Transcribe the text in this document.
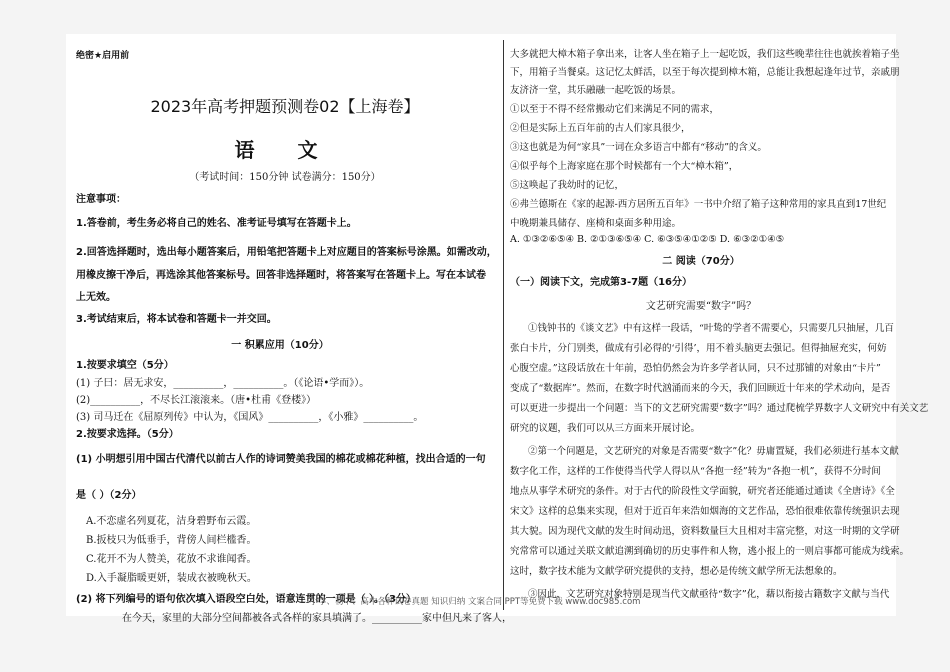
绝密★启用前
2023年高考押题预测卷02【上海卷】
语 文
（考试时间：150分钟 试卷满分：150分）
注意事项：
1.答卷前，考生务必将自己的姓名、准考证号填写在答题卡上。
2.回答选择题时，选出每小题答案后，用铅笔把答题卡上对应题目的答案标号涂黑。如需改动，
用橡皮擦干净后，再选涂其他答案标号。回答非选择题时，将答案写在答题卡上。写在本试卷
上无效。
3.考试结束后，将本试卷和答题卡一并交回。
一 积累应用（10分）
1.按要求填空（5分）
(1) 子曰：居无求安，__________，__________。（《论语•学而》）。
(2)__________，不尽长江滚滚来。（唐•杜甫《登楼》）
(3) 司马迁在《屈原列传》中认为，《国风》__________，《小雅》__________。
2.按要求选择。（5分）
(1) 小明想引用中国古代清代以前古人作的诗词赞美我国的棉花或棉花种植，找出合适的一句
是（ ）（2分）
A.不恋虚名列夏花，洁身碧野布云霞。
B.扳枝只为低垂手，背傍人间栏槛香。
C.花开不为人赞美，花放不求谁闻香。
D.入手凝脂暖更妍，装成衣被晚秋天。
(2) 将下列编号的语句依次填入语段空白处，语意连贯的一项是（ ）。（3分）
在今天，家里的大部分空间都被各式各样的家具填满了。__________家中但凡来了客人，
大多就把大樟木箱子拿出来，让客人坐在箱子上一起吃饭，我们这些晚辈往往也就挨着箱子坐
下，用箱子当餐桌。这记忆太鲜活，以至于每次提到樟木箱，总能让我想起逢年过节，亲戚朋
友济济一堂，其乐融融一起吃饭的场景。
①以至于不得不经常搬动它们来满足不同的需求，
②但是实际上五百年前的古人们家具很少，
③这也就是为何“家具”一词在众多语言中都有“移动”的含义。
④似乎每个上海家庭在那个时候都有一个大“樟木箱”，
⑤这唤起了我幼时的记忆，
⑥弗兰德斯在《家的起源-西方居所五百年》一书中介绍了箱子这种常用的家具直到17世纪
中晚期兼具储存、座椅和桌面多种用途。
A. ①③②⑥⑤④ B. ②①③⑥⑤④ C. ⑥③⑤④①②⑤ D. ⑥③②①④⑤
二 阅读（70分）
（一）阅读下文，完成第3-7题（16分）
文艺研究需要“数字”吗？
①钱钟书的《谈文艺》中有这样一段话，“叶鸷的学者不需要心，只需要几只抽屉，几百
张白卡片，分门别类，做成有引必得的‘引得’，用不着头脑更去强记。但得抽屉充实，何妨
心腹空虚。”这段话放在十年前，恐怕仍然会为许多学者认同，只不过那铺的对象由“卡片”
变成了“数据库”。然而，在数字时代汹涌而来的今天，我们回顾近十年来的学术动向，是否
可以更进一步提出一个问题：当下的文艺研究需要“数字”吗？通过爬梳学界数字人文研究中有关文艺
研究的议题，我们可以从三方面来开展讨论。
②第一个问题是，文艺研究的对象是否需要“数字”化？毋庸置疑，我们必须进行基本文献
数字化工作，这样的工作使得当代学人得以从“各抱一经”转为“各抱一机”，获得不分时间
地点从事学术研究的条件。对于古代的阶段性文学面貌，研究者还能通过通读《全唐诗》《全
宋文》这样的总集来实现，但对于近百年来浩如烟海的文艺作品，恐怕很难依靠传统强识去现
其大貌。因为现代文献的发生时间动迅，资料数量巨大且相对丰富完整，对这一时期的文学研
究常常可以通过关联文献追溯到确切的历史事件和人物，逃小报上的一则启事都可能成为线索。
这时，数字技术能为文献学研究提供的支持，想必是传统文献学所无法想象的。
③因此，文艺研究对象特别是现当代文献亟待“数字”化，藉以衔接古籍数字文献与当代
小学、初中、高中各种试卷真题 知识归纳 文案合同 PPT等免费下载 www.doc985.com
